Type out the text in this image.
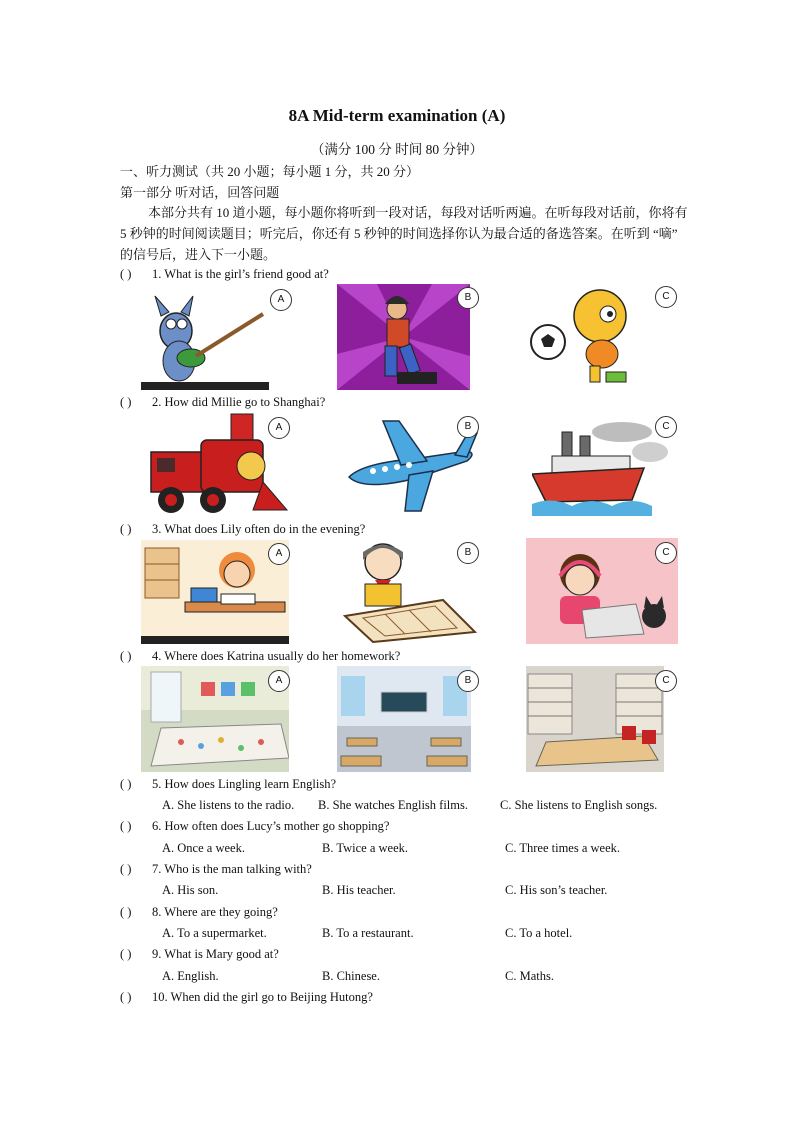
8A Mid-term examination (A)
（满分 100 分 时间 80 分钟）
一、听力测试（共 20 小题；每小题 1 分，共 20 分）
第一部分 听对话，回答问题
本部分共有 10 道小题，每小题你将听到一段对话，每段对话听两遍。在听每段对话前，你将有 5 秒钟的时间阅读题目；听完后，你还有 5 秒钟的时间选择你认为最合适的备选答案。在听到 “嘀” 的信号后，进入下一小题。
( ) 1. What is the girl’s friend good at?
A	B	C
( ) 2. How did Millie go to Shanghai?
A	B	C
( ) 3. What does Lily often do in the evening?
A	B	C
( ) 4. Where does Katrina usually do her homework?
A	B	C
( ) 5. How does Lingling learn English?
A. She listens to the radio. B. She watches English films.	C. She listens to English songs.
( ) 6. How often does Lucy’s mother go shopping?
A. Once a week.	B. Twice a week.	C. Three times a week.
( ) 7. Who is the man talking with?
A. His son.	B. His teacher.	C. His son’s teacher.
( ) 8. Where are they going?
A. To a supermarket.	B. To a restaurant.	C. To a hotel.
( ) 9. What is Mary good at?
A. English.	B. Chinese.	C. Maths.
( ) 10. When did the girl go to Beijing Hutong?
